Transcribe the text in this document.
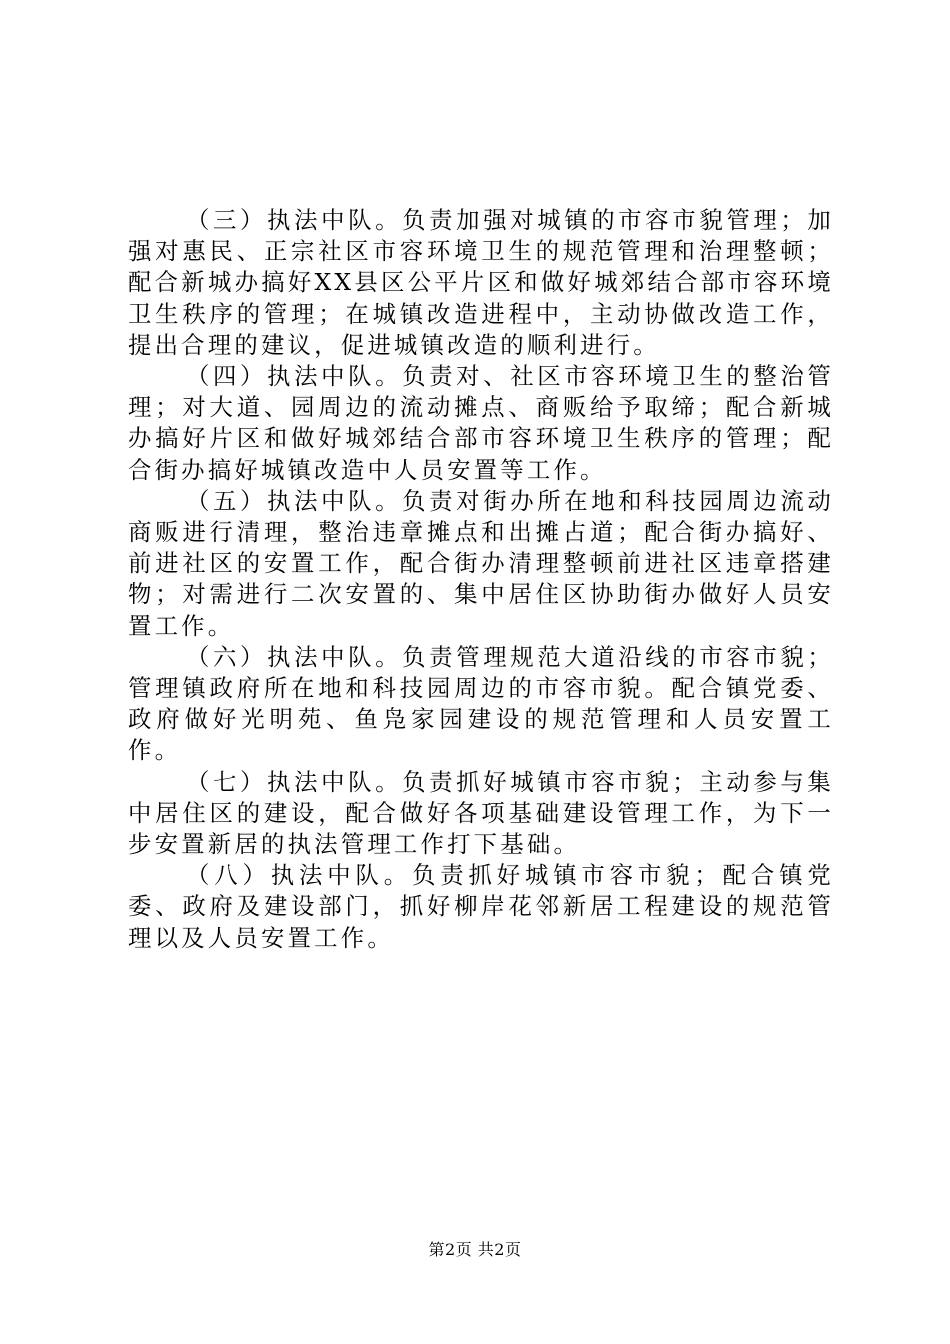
（三）执法中队。负责加强对城镇的市容市貌管理；加强对惠民、正宗社区市容环境卫生的规范管理和治理整顿；配合新城办搞好XX县区公平片区和做好城郊结合部市容环境卫生秩序的管理；在城镇改造进程中，主动协做改造工作，提出合理的建议，促进城镇改造的顺利进行。

（四）执法中队。负责对、社区市容环境卫生的整治管理；对大道、园周边的流动摊点、商贩给予取缔；配合新城办搞好片区和做好城郊结合部市容环境卫生秩序的管理；配合街办搞好城镇改造中人员安置等工作。

（五）执法中队。负责对街办所在地和科技园周边流动商贩进行清理，整治违章摊点和出摊占道；配合街办搞好、前进社区的安置工作，配合街办清理整顿前进社区违章搭建物；对需进行二次安置的、集中居住区协助街办做好人员安置工作。

（六）执法中队。负责管理规范大道沿线的市容市貌；管理镇政府所在地和科技园周边的市容市貌。配合镇党委、政府做好光明苑、鱼凫家园建设的规范管理和人员安置工作。

（七）执法中队。负责抓好城镇市容市貌；主动参与集中居住区的建设，配合做好各项基础建设管理工作，为下一步安置新居的执法管理工作打下基础。

（八）执法中队。负责抓好城镇市容市貌；配合镇党委、政府及建设部门，抓好柳岸花邻新居工程建设的规范管理以及人员安置工作。

第2页 共2页
